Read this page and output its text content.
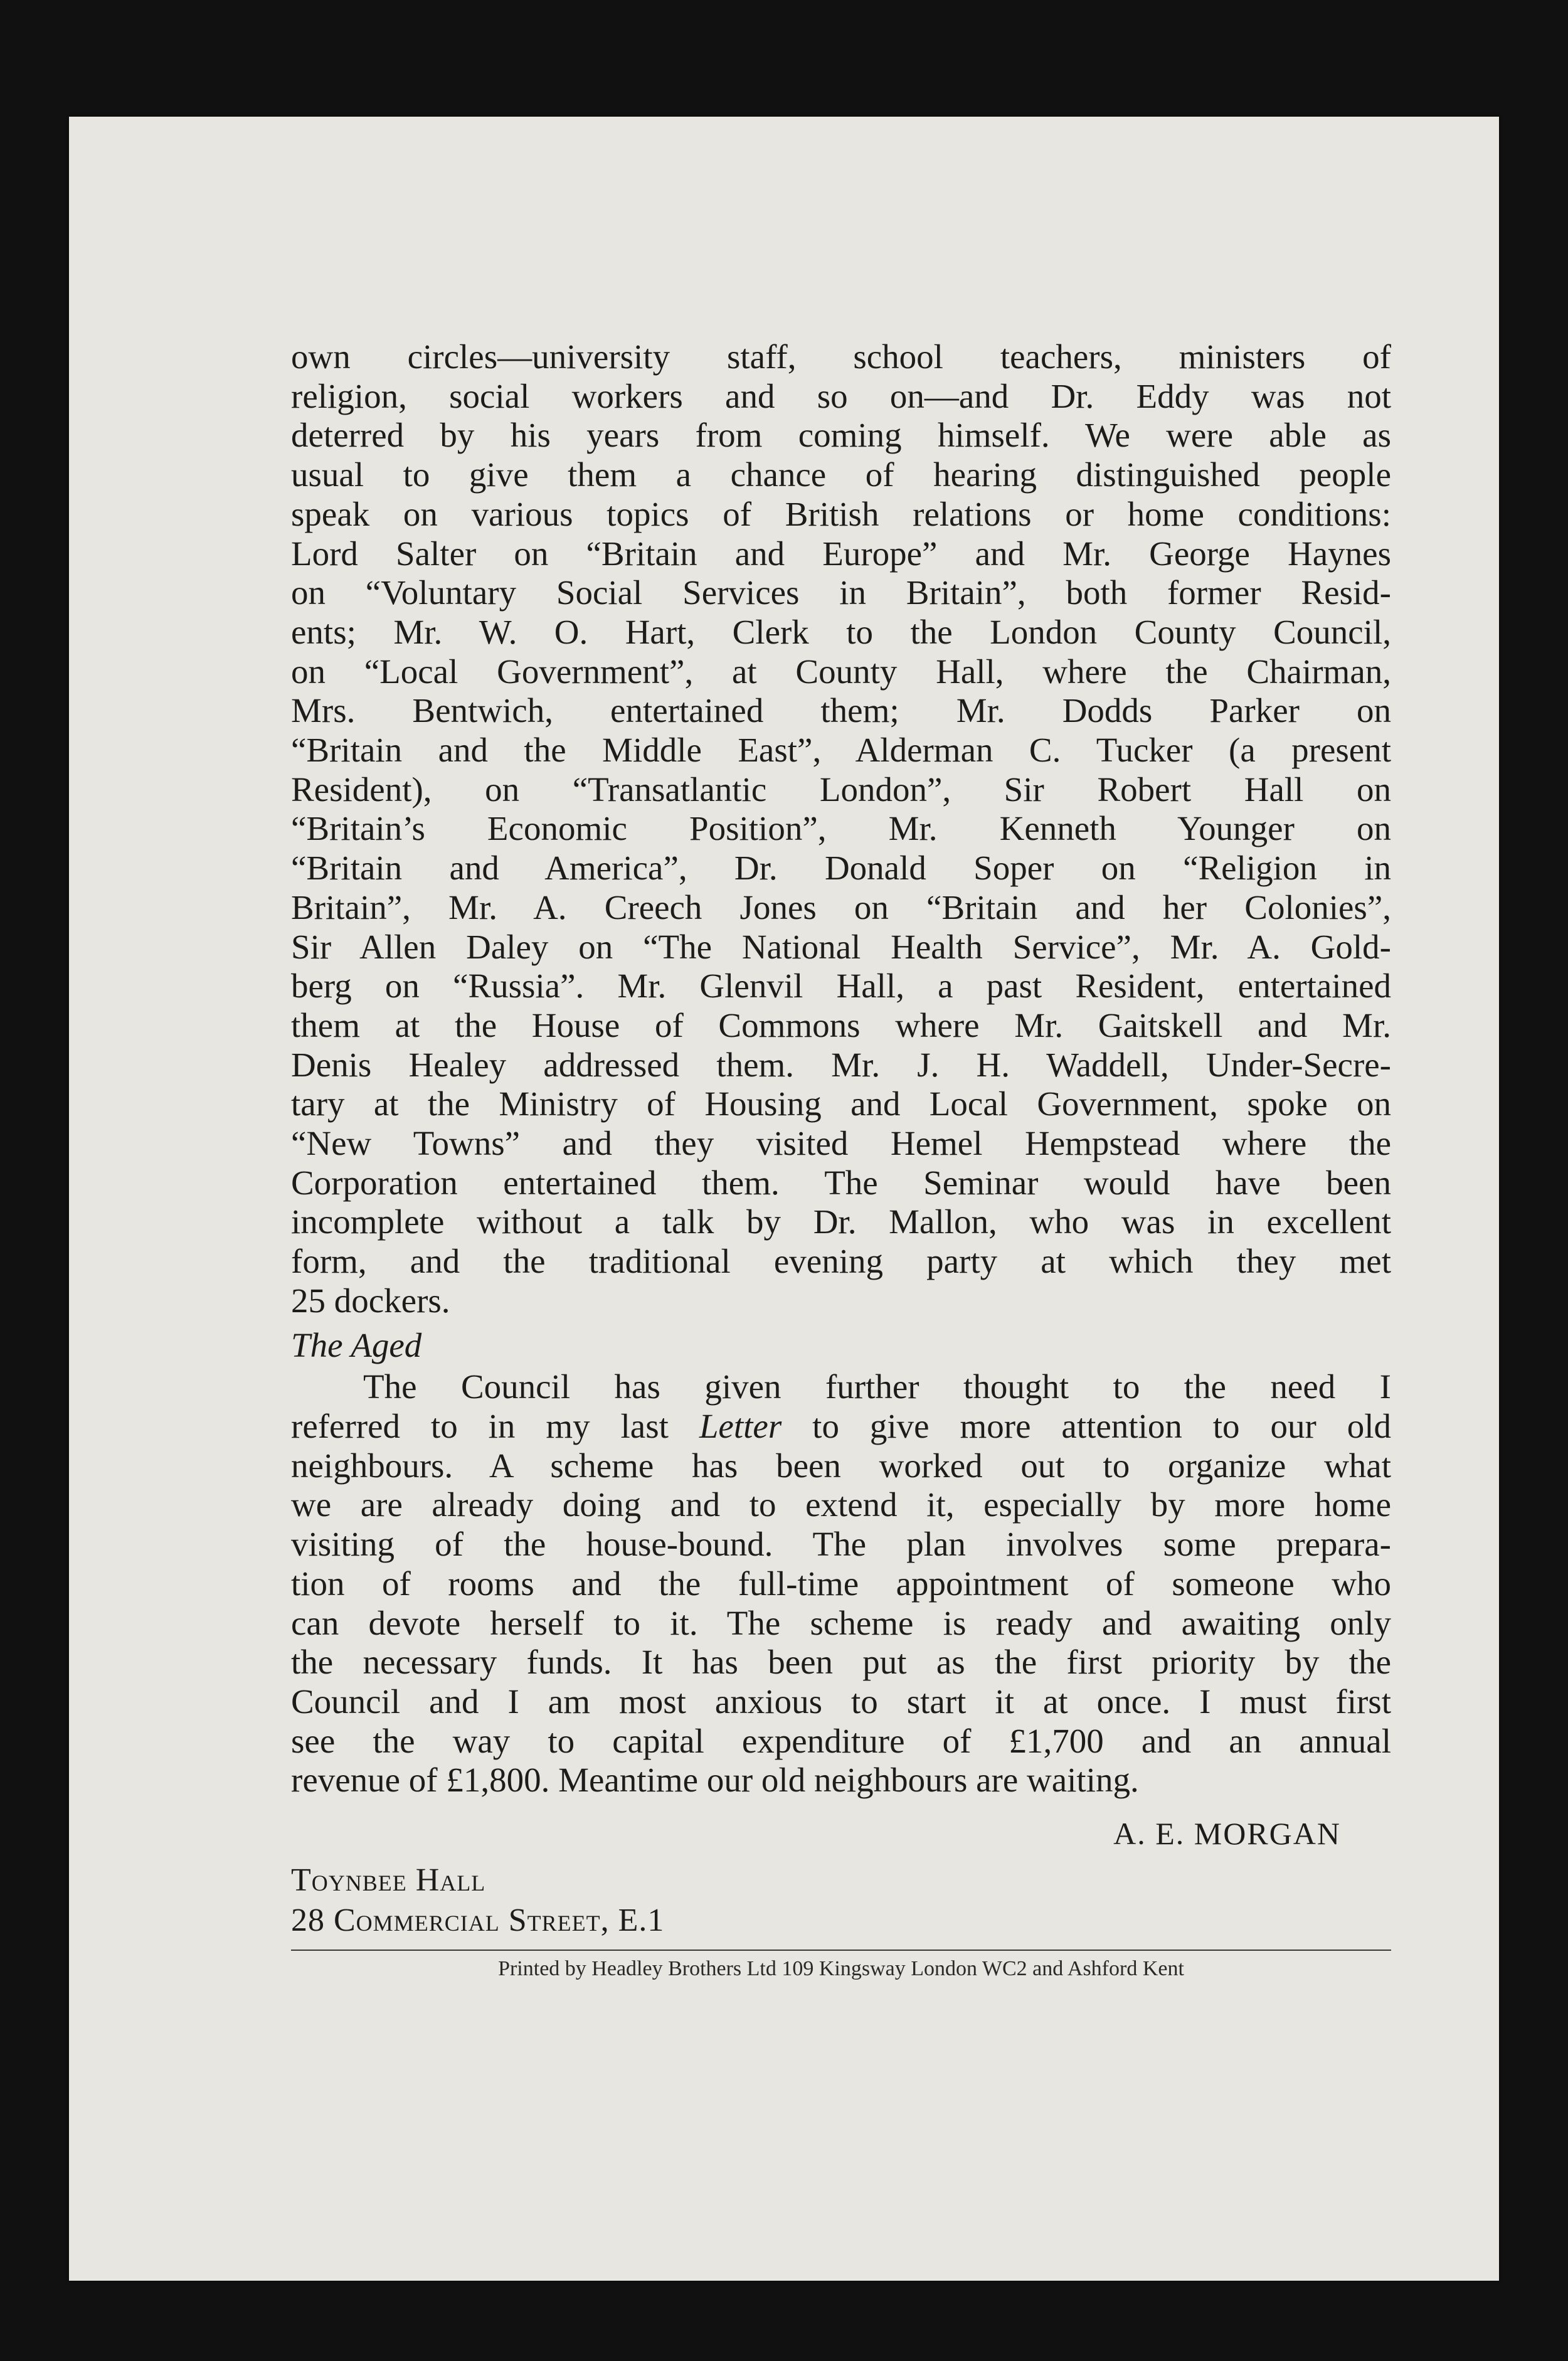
own circles—university staff, school teachers, ministers of
religion, social workers and so on—and Dr. Eddy was not
deterred by his years from coming himself. We were able as
usual to give them a chance of hearing distinguished people
speak on various topics of British relations or home conditions:
Lord Salter on “Britain and Europe” and Mr. George Haynes
on “Voluntary Social Services in Britain”, both former Resid-
ents; Mr. W. O. Hart, Clerk to the London County Council,
on “Local Government”, at County Hall, where the Chairman,
Mrs. Bentwich, entertained them; Mr. Dodds Parker on
“Britain and the Middle East”, Alderman C. Tucker (a present
Resident), on “Transatlantic London”, Sir Robert Hall on
“Britain’s Economic Position”, Mr. Kenneth Younger on
“Britain and America”, Dr. Donald Soper on “Religion in
Britain”, Mr. A. Creech Jones on “Britain and her Colonies”,
Sir Allen Daley on “The National Health Service”, Mr. A. Gold-
berg on “Russia”. Mr. Glenvil Hall, a past Resident, entertained
them at the House of Commons where Mr. Gaitskell and Mr.
Denis Healey addressed them. Mr. J. H. Waddell, Under-Secre-
tary at the Ministry of Housing and Local Government, spoke on
“New Towns” and they visited Hemel Hempstead where the
Corporation entertained them. The Seminar would have been
incomplete without a talk by Dr. Mallon, who was in excellent
form, and the traditional evening party at which they met
25 dockers.
The Aged
The Council has given further thought to the need I
referred to in my last Letter to give more attention to our old
neighbours. A scheme has been worked out to organize what
we are already doing and to extend it, especially by more home
visiting of the house-bound. The plan involves some prepara-
tion of rooms and the full-time appointment of someone who
can devote herself to it. The scheme is ready and awaiting only
the necessary funds. It has been put as the first priority by the
Council and I am most anxious to start it at once. I must first
see the way to capital expenditure of £1,700 and an annual
revenue of £1,800. Meantime our old neighbours are waiting.
A. E. MORGAN
Toynbee Hall
28 Commercial Street, E.1
Printed by Headley Brothers Ltd 109 Kingsway London WC2 and Ashford Kent
